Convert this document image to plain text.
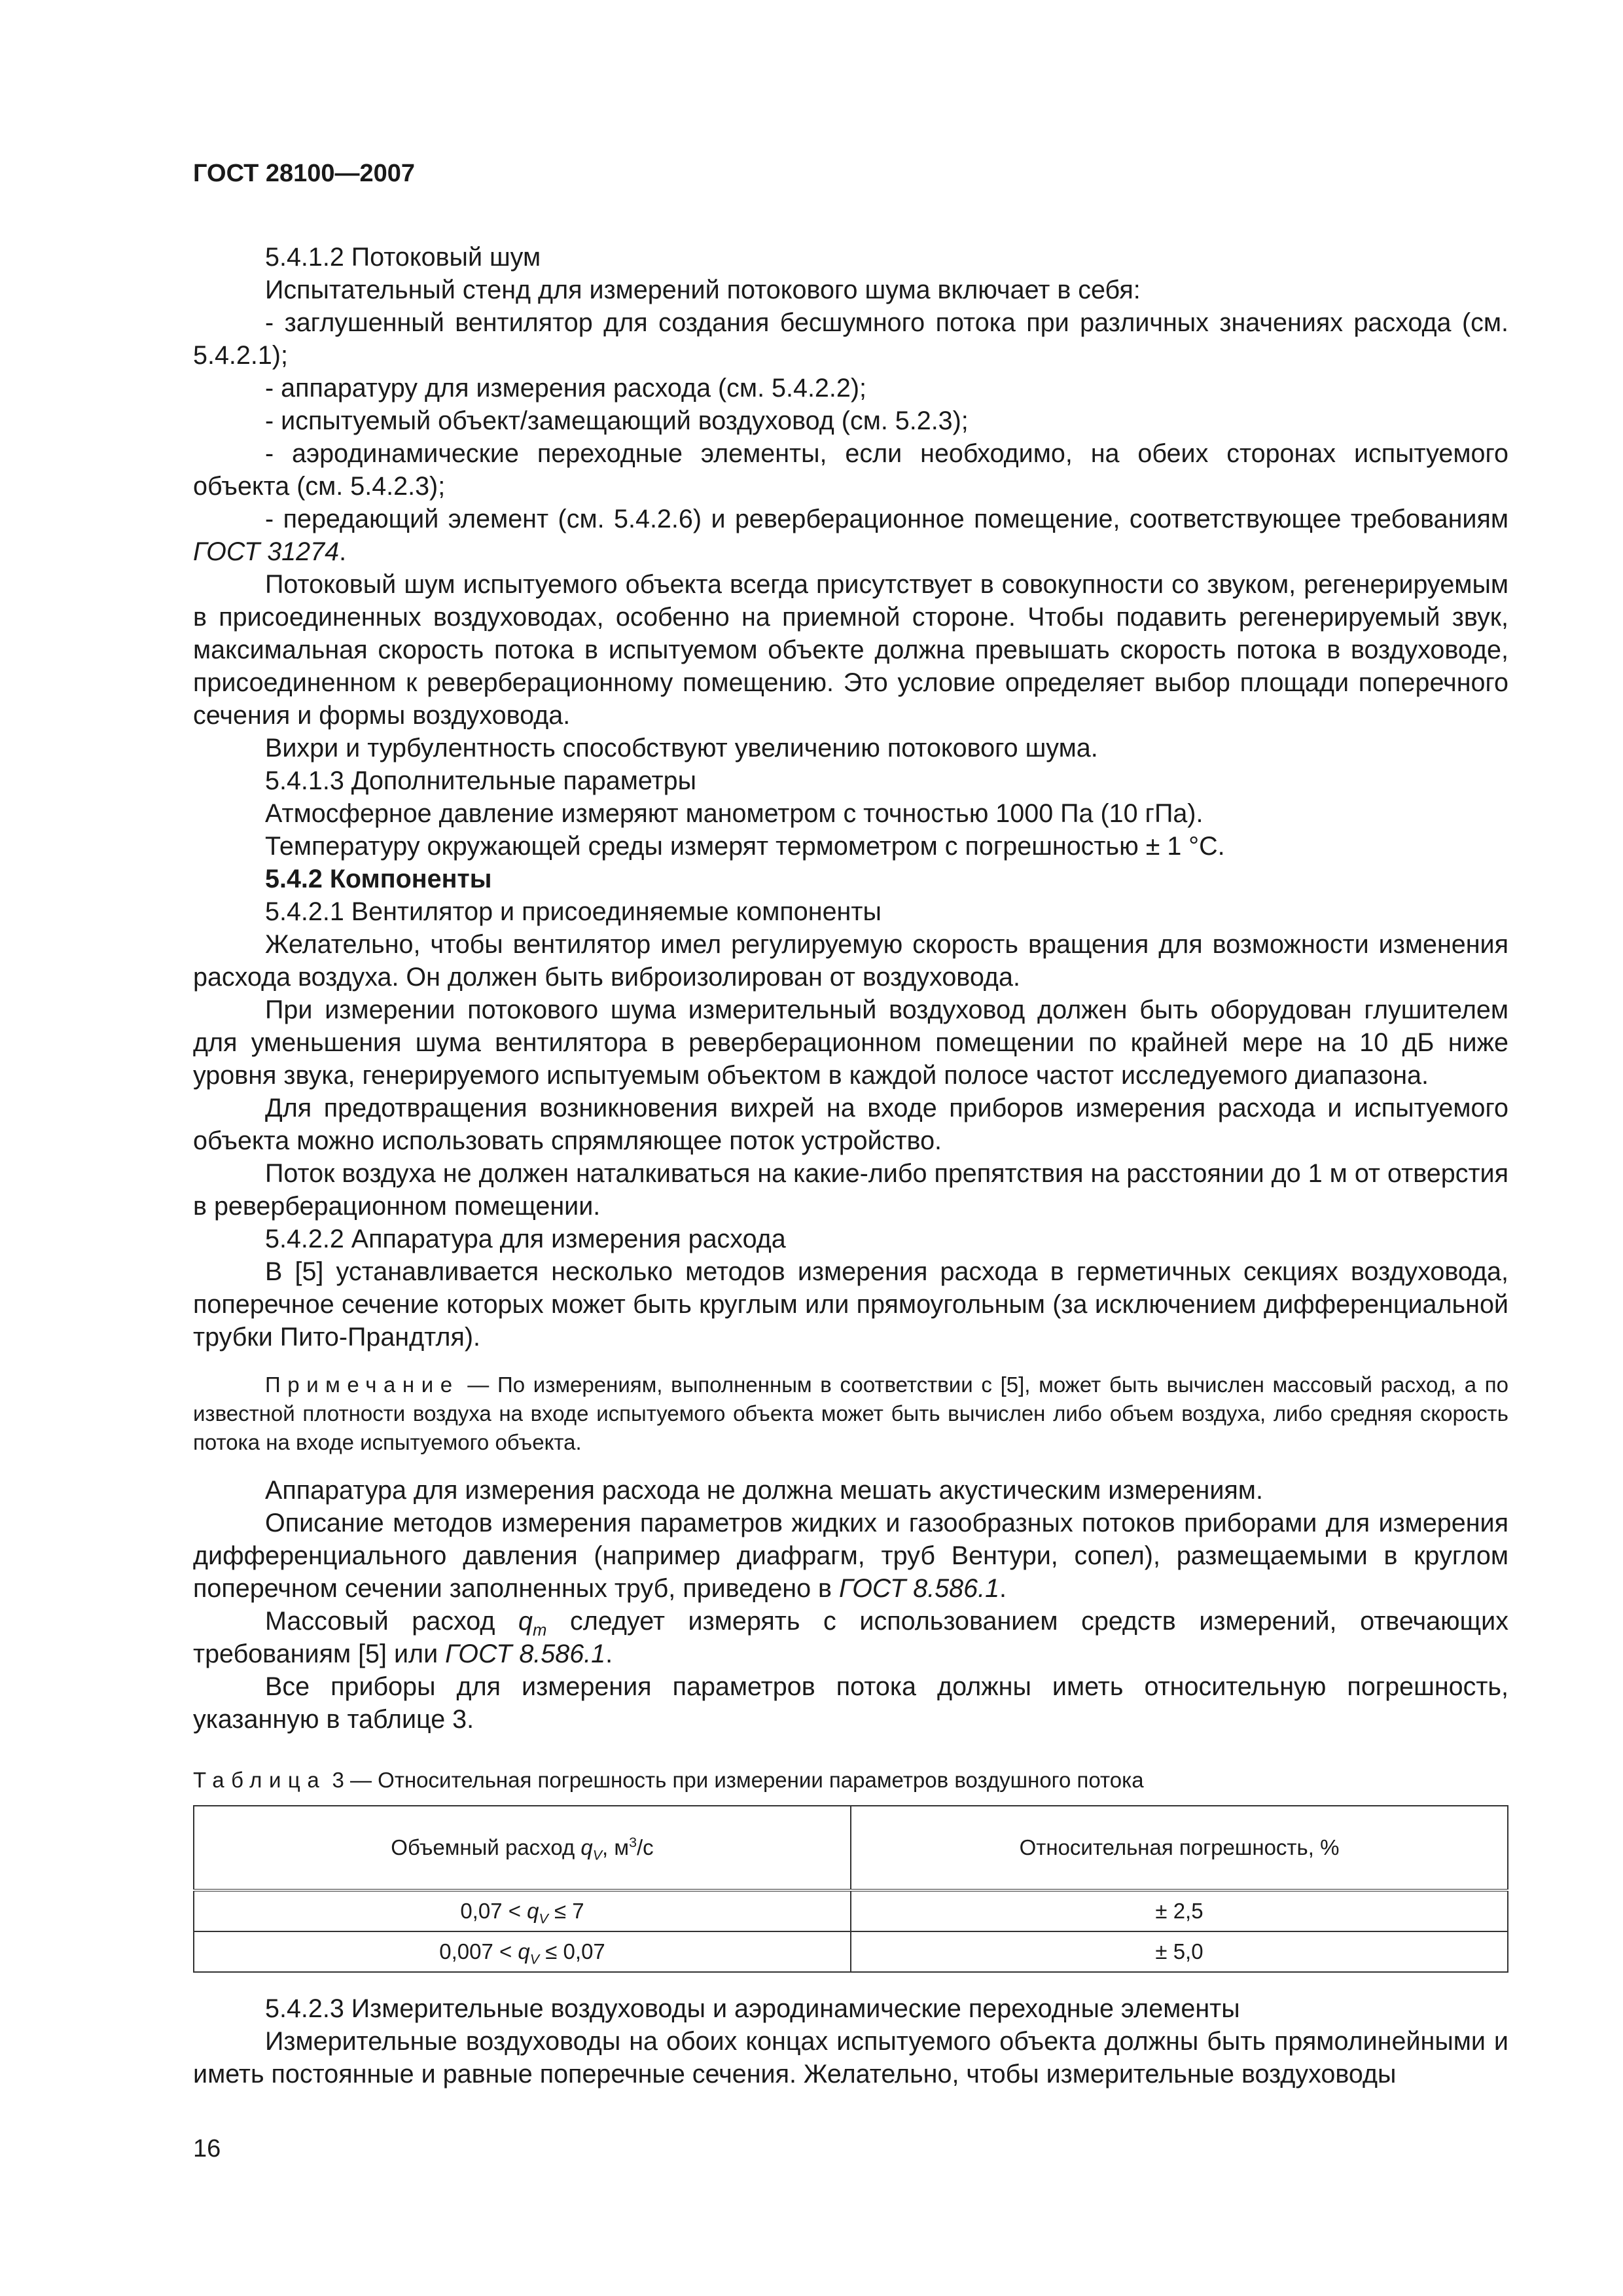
ГОСТ 28100—2007

5.4.1.2 Потоковый шум

Испытательный стенд для измерений потокового шума включает в себя:

- заглушенный вентилятор для создания бесшумного потока при различных значениях расхода (см. 5.4.2.1);

- аппаратуру для измерения расхода (см. 5.4.2.2);

- испытуемый объект/замещающий воздуховод (см. 5.2.3);

- аэродинамические переходные элементы, если необходимо, на обеих сторонах испытуемого объекта (см. 5.4.2.3);

- передающий элемент (см. 5.4.2.6) и реверберационное помещение, соответствующее требованиям ГОСТ 31274.

Потоковый шум испытуемого объекта всегда присутствует в совокупности со звуком, регенерируемым в присоединенных воздуховодах, особенно на приемной стороне. Чтобы подавить регенерируемый звук, максимальная скорость потока в испытуемом объекте должна превышать скорость потока в воздуховоде, присоединенном к реверберационному помещению. Это условие определяет выбор площади поперечного сечения и формы воздуховода.

Вихри и турбулентность способствуют увеличению потокового шума.

5.4.1.3 Дополнительные параметры

Атмосферное давление измеряют манометром с точностью 1000 Па (10 гПа).

Температуру окружающей среды измерят термометром с погрешностью ± 1 °С.

5.4.2 Компоненты

5.4.2.1 Вентилятор и присоединяемые компоненты

Желательно, чтобы вентилятор имел регулируемую скорость вращения для возможности изменения расхода воздуха. Он должен быть виброизолирован от воздуховода.

При измерении потокового шума измерительный воздуховод должен быть оборудован глушителем для уменьшения шума вентилятора в реверберационном помещении по крайней мере на 10 дБ ниже уровня звука, генерируемого испытуемым объектом в каждой полосе частот исследуемого диапазона.

Для предотвращения возникновения вихрей на входе приборов измерения расхода и испытуемого объекта можно использовать спрямляющее поток устройство.

Поток воздуха не должен наталкиваться на какие-либо препятствия на расстоянии до 1 м от отверстия в реверберационном помещении.

5.4.2.2 Аппаратура для измерения расхода

В [5] устанавливается несколько методов измерения расхода в герметичных секциях воздуховода, поперечное сечение которых может быть круглым или прямоугольным (за исключением дифференциальной трубки Пито-Прандтля).

Примечание — По измерениям, выполненным в соответствии с [5], может быть вычислен массовый расход, а по известной плотности воздуха на входе испытуемого объекта может быть вычислен либо объем воздуха, либо средняя скорость потока на входе испытуемого объекта.

Аппаратура для измерения расхода не должна мешать акустическим измерениям.

Описание методов измерения параметров жидких и газообразных потоков приборами для измерения дифференциального давления (например диафрагм, труб Вентури, сопел), размещаемыми в круглом поперечном сечении заполненных труб, приведено в ГОСТ 8.586.1.

Массовый расход $q_m$ следует измерять с использованием средств измерений, отвечающих требованиям [5] или ГОСТ 8.586.1.

Все приборы для измерения параметров потока должны иметь относительную погрешность, указанную в таблице 3.

Таблица 3 — Относительная погрешность при измерении параметров воздушного потока
Объемный расход $q_V$, $м^3/с$	Относительная погрешность, %
$0,07 < q_V \le 7$	± 2,5
$0,007 < q_V \le 0,07$	± 5,0

5.4.2.3 Измерительные воздуховоды и аэродинамические переходные элементы

Измерительные воздуховоды на обоих концах испытуемого объекта должны быть прямолинейными и иметь постоянные и равные поперечные сечения. Желательно, чтобы измерительные воздуховоды

16
